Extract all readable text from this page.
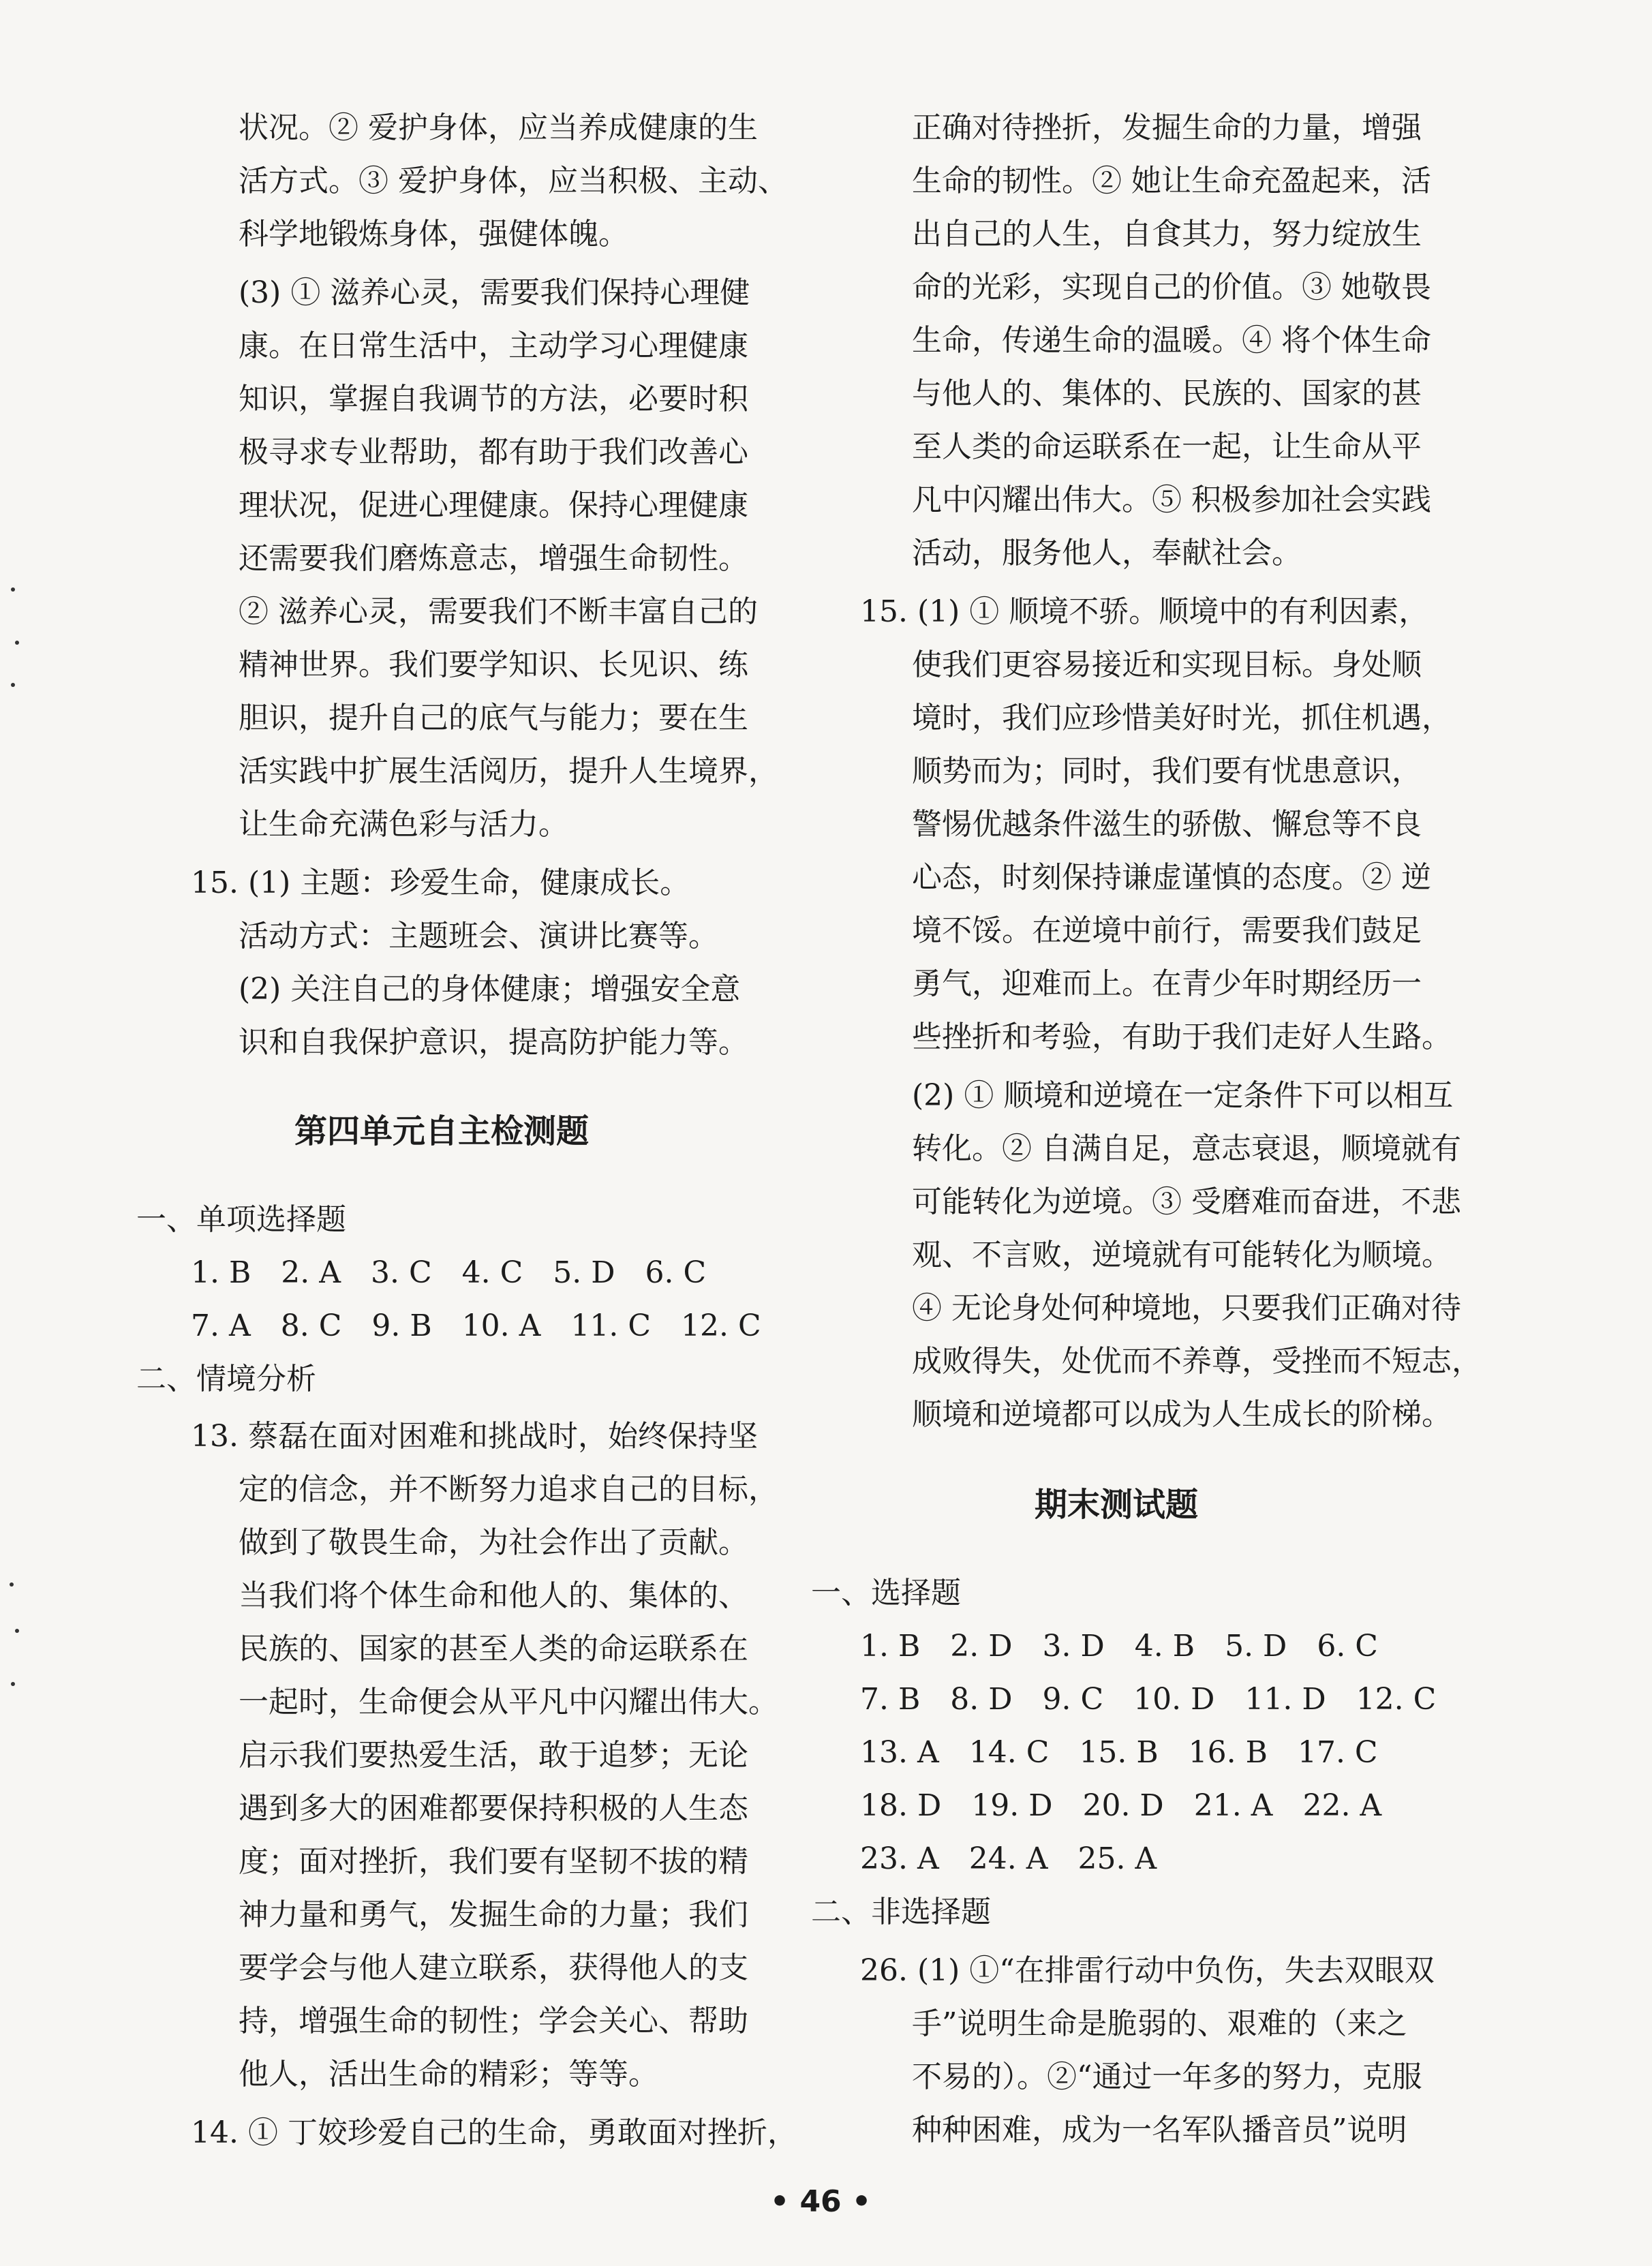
状况。② 爱护身体，应当养成健康的生
活方式。③ 爱护身体，应当积极、主动、
科学地锻炼身体，强健体魄。
(3) ① 滋养心灵，需要我们保持心理健
康。在日常生活中，主动学习心理健康
知识，掌握自我调节的方法，必要时积
极寻求专业帮助，都有助于我们改善心
理状况，促进心理健康。保持心理健康
还需要我们磨炼意志，增强生命韧性。
② 滋养心灵，需要我们不断丰富自己的
精神世界。我们要学知识、长见识、练
胆识，提升自己的底气与能力；要在生
活实践中扩展生活阅历，提升人生境界，
让生命充满色彩与活力。
15. (1) 主题：珍爱生命，健康成长。
活动方式：主题班会、演讲比赛等。
(2) 关注自己的身体健康；增强安全意
识和自我保护意识，提高防护能力等。
第四单元自主检测题
一、单项选择题
1. B　2. A　3. C　4. C　5. D　6. C
7. A　8. C　9. B　10. A　11. C　12. C
二、情境分析
13. 蔡磊在面对困难和挑战时，始终保持坚
定的信念，并不断努力追求自己的目标，
做到了敬畏生命，为社会作出了贡献。
当我们将个体生命和他人的、集体的、
民族的、国家的甚至人类的命运联系在
一起时，生命便会从平凡中闪耀出伟大。
启示我们要热爱生活，敢于追梦；无论
遇到多大的困难都要保持积极的人生态
度；面对挫折，我们要有坚韧不拔的精
神力量和勇气，发掘生命的力量；我们
要学会与他人建立联系，获得他人的支
持，增强生命的韧性；学会关心、帮助
他人，活出生命的精彩；等等。
14. ① 丁姣珍爱自己的生命，勇敢面对挫折，
正确对待挫折，发掘生命的力量，增强
生命的韧性。② 她让生命充盈起来，活
出自己的人生，自食其力，努力绽放生
命的光彩，实现自己的价值。③ 她敬畏
生命，传递生命的温暖。④ 将个体生命
与他人的、集体的、民族的、国家的甚
至人类的命运联系在一起，让生命从平
凡中闪耀出伟大。⑤ 积极参加社会实践
活动，服务他人，奉献社会。
15. (1) ① 顺境不骄。顺境中的有利因素，
使我们更容易接近和实现目标。身处顺
境时，我们应珍惜美好时光，抓住机遇，
顺势而为；同时，我们要有忧患意识，
警惕优越条件滋生的骄傲、懈怠等不良
心态，时刻保持谦虚谨慎的态度。② 逆
境不馁。在逆境中前行，需要我们鼓足
勇气，迎难而上。在青少年时期经历一
些挫折和考验，有助于我们走好人生路。
(2) ① 顺境和逆境在一定条件下可以相互
转化。② 自满自足，意志衰退，顺境就有
可能转化为逆境。③ 受磨难而奋进，不悲
观、不言败，逆境就有可能转化为顺境。
④ 无论身处何种境地，只要我们正确对待
成败得失，处优而不养尊，受挫而不短志，
顺境和逆境都可以成为人生成长的阶梯。
期末测试题
一、选择题
1. B　2. D　3. D　4. B　5. D　6. C
7. B　8. D　9. C　10. D　11. D　12. C
13. A　14. C　15. B　16. B　17. C
18. D　19. D　20. D　21. A　22. A
23. A　24. A　25. A
二、非选择题
26. (1) ①“在排雷行动中负伤，失去双眼双
手”说明生命是脆弱的、艰难的（来之
不易的）。②“通过一年多的努力，克服
种种困难，成为一名军队播音员”说明
• 46 •
